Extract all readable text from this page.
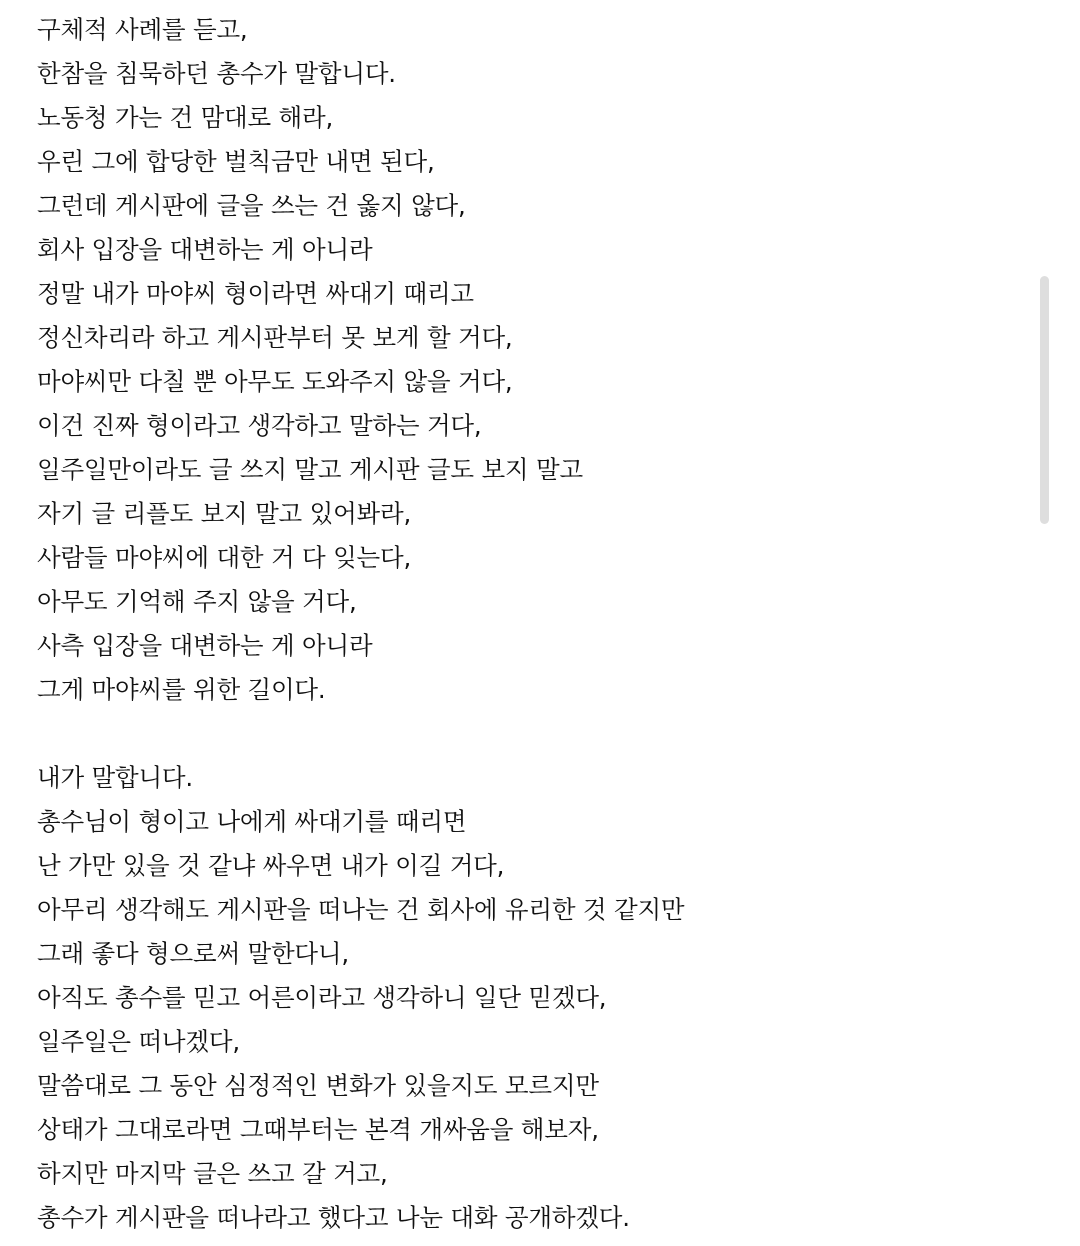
구체적 사례를 듣고,
한참을 침묵하던 총수가 말합니다.
노동청 가는 건 맘대로 해라,
우린 그에 합당한 벌칙금만 내면 된다,
그런데 게시판에 글을 쓰는 건 옳지 않다,
회사 입장을 대변하는 게 아니라
정말 내가 마야씨 형이라면 싸대기 때리고
정신차리라 하고 게시판부터 못 보게 할 거다,
마야씨만 다칠 뿐 아무도 도와주지 않을 거다,
이건 진짜 형이라고 생각하고 말하는 거다,
일주일만이라도 글 쓰지 말고 게시판 글도 보지 말고
자기 글 리플도 보지 말고 있어봐라,
사람들 마야씨에 대한 거 다 잊는다,
아무도 기억해 주지 않을 거다,
사측 입장을 대변하는 게 아니라
그게 마야씨를 위한 길이다.
내가 말합니다.
총수님이 형이고 나에게 싸대기를 때리면
난 가만 있을 것 같냐 싸우면 내가 이길 거다,
아무리 생각해도 게시판을 떠나는 건 회사에 유리한 것 같지만
그래 좋다 형으로써 말한다니,
아직도 총수를 믿고 어른이라고 생각하니 일단 믿겠다,
일주일은 떠나겠다,
말씀대로 그 동안 심정적인 변화가 있을지도 모르지만
상태가 그대로라면 그때부터는 본격 개싸움을 해보자,
하지만 마지막 글은 쓰고 갈 거고,
총수가 게시판을 떠나라고 했다고 나눈 대화 공개하겠다.
